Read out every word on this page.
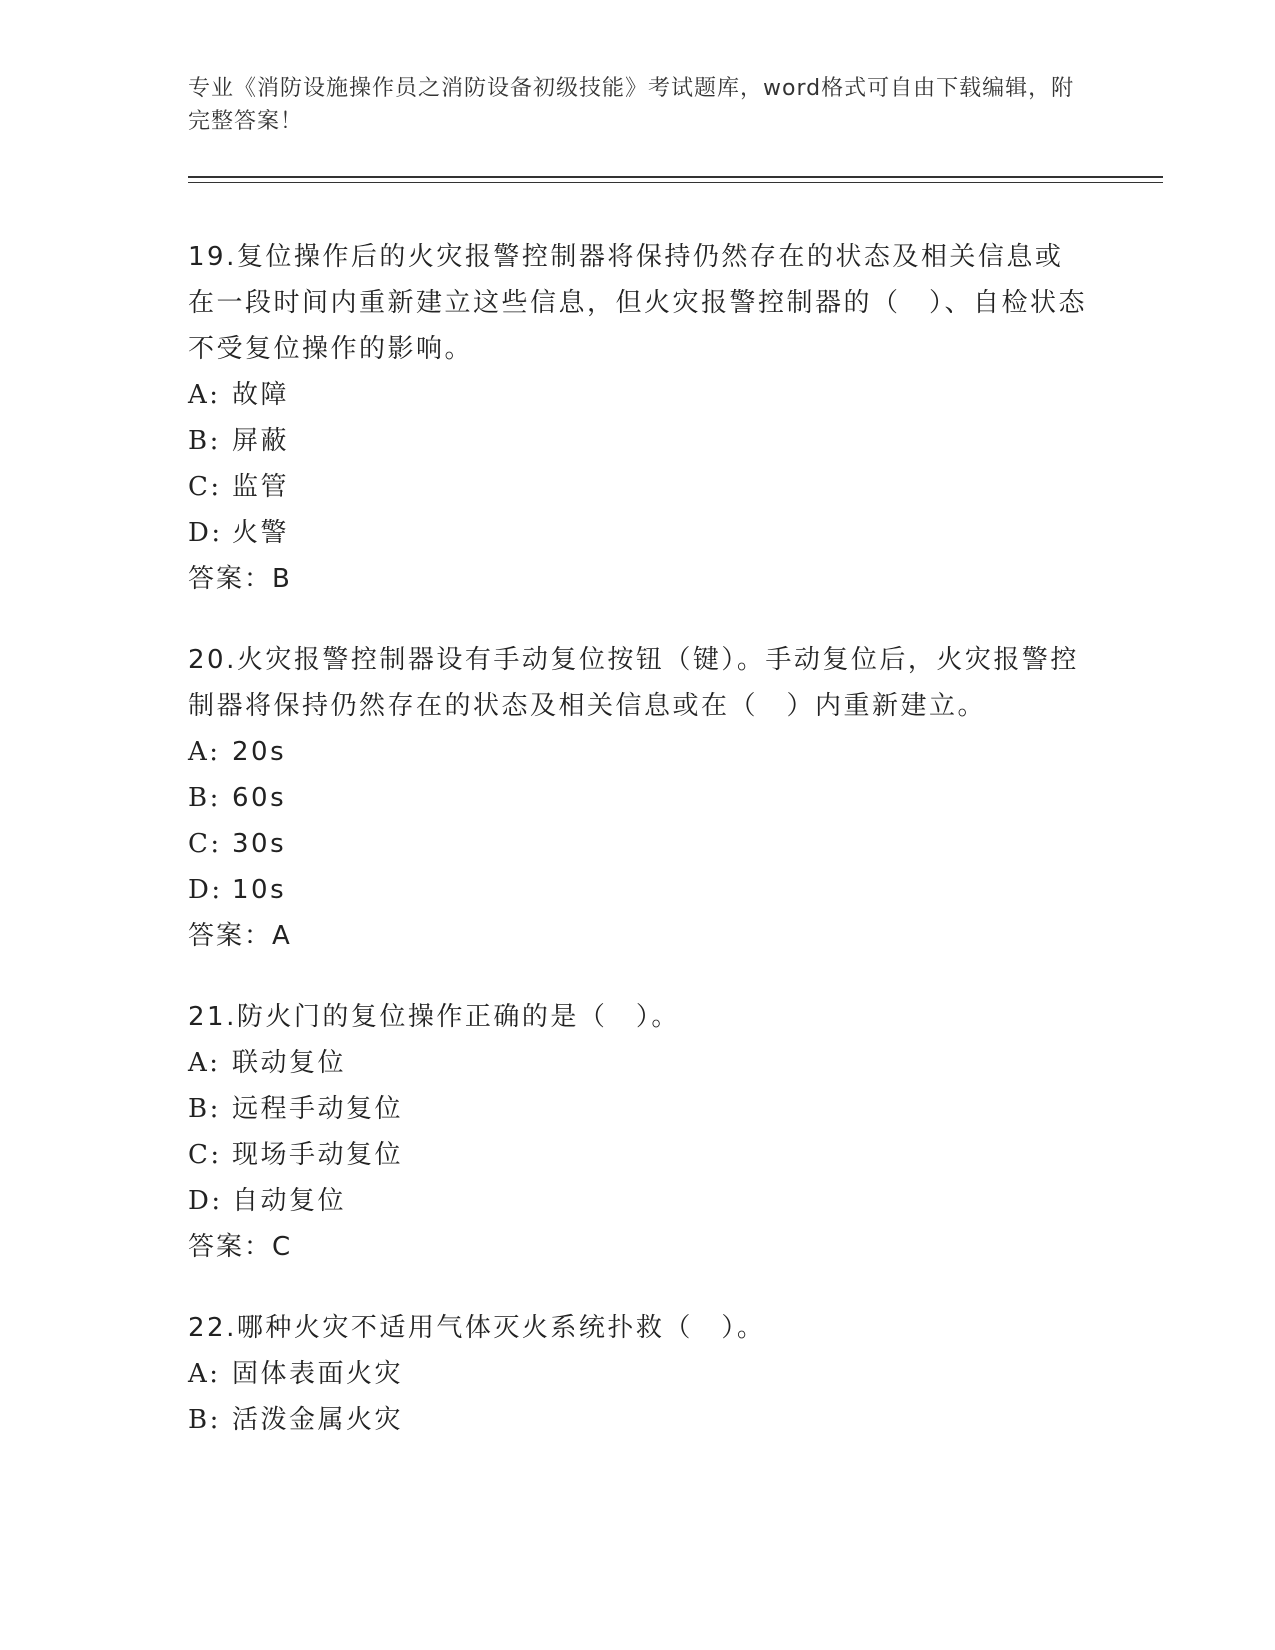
专业《消防设施操作员之消防设备初级技能》考试题库，word格式可自由下载编辑，附完整答案！

19.复位操作后的火灾报警控制器将保持仍然存在的状态及相关信息或在一段时间内重新建立这些信息，但火灾报警控制器的（　）、自检状态不受复位操作的影响。

A: 故障

B: 屏蔽

C: 监管

D: 火警

答案：B

20.火灾报警控制器设有手动复位按钮（键）。手动复位后，火灾报警控制器将保持仍然存在的状态及相关信息或在（　）内重新建立。

A: 20s

B: 60s

C: 30s

D: 10s

答案：A

21.防火门的复位操作正确的是（　）。

A: 联动复位

B: 远程手动复位

C: 现场手动复位

D: 自动复位

答案：C

22.哪种火灾不适用气体灭火系统扑救（　）。

A: 固体表面火灾

B: 活泼金属火灾
